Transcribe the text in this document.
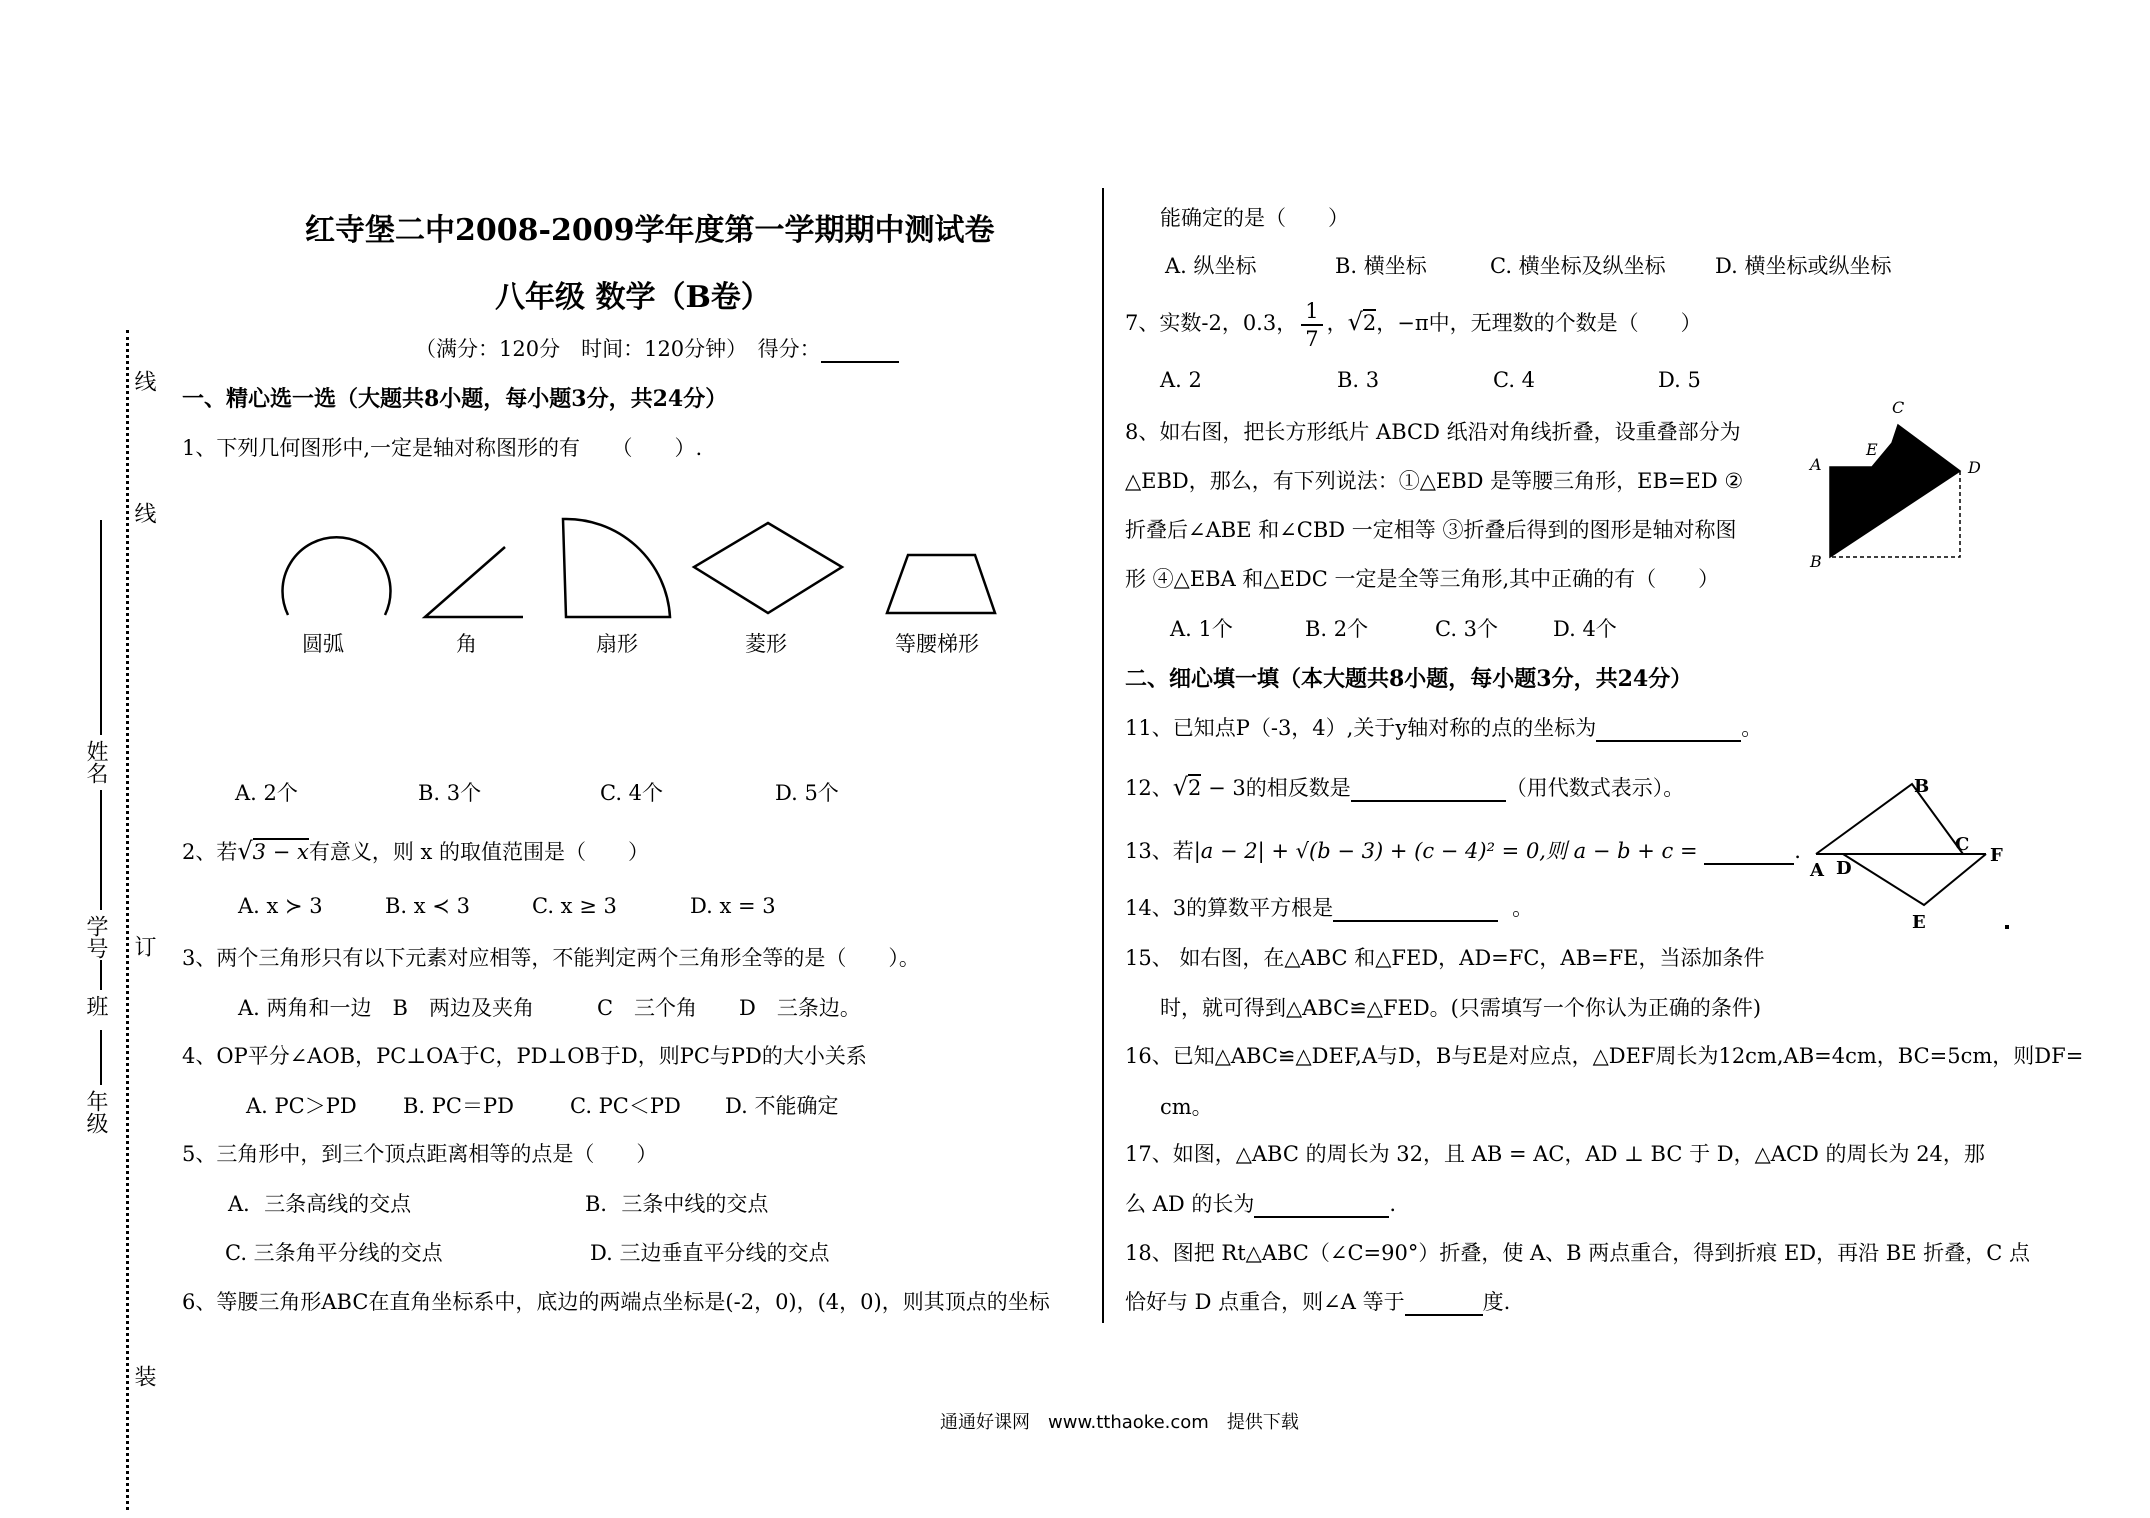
线
线
订
装
姓名
学号
班
年级
红寺堡二中2008-2009学年度第一学期期中测试卷
八年级 数学（B卷）
（满分：120分　时间：120分钟）　得分：
一、精心选一选（大题共8小题，每小题3分，共24分）
1、下列几何图形中,一定是轴对称图形的有　　（　　）.
圆弧	角	扇形	菱形	等腰梯形
A. 2个	B. 3个	C. 4个	D. 5个
2、若√3 − x有意义，则 x 的取值范围是（　　）
A. x ≻ 3	B. x ≺ 3	C. x ≥ 3	D. x = 3
3、两个三角形只有以下元素对应相等，不能判定两个三角形全等的是（　　）。
A. 两角和一边　B　两边及夹角　　　C　三个角　　D　三条边。
4、OP平分∠AOB，PC⊥OA于C，PD⊥OB于D，则PC与PD的大小关系
A. PC＞PD B. PC＝PD	C. PC＜PD D. 不能确定
5、三角形中，到三个顶点距离相等的点是（　　）
A．三条高线的交点	B．三条中线的交点
C. 三条角平分线的交点	D. 三边垂直平分线的交点
6、等腰三角形ABC在直角坐标系中，底边的两端点坐标是(-2，0)，(4，0)，则其顶点的坐标
能确定的是（　　）
A. 纵坐标	B. 横坐标	C. 横坐标及纵坐标 D. 横坐标或纵坐标
7、实数-2，0.3， $\frac{1}{7}$ ，√2，−π中，无理数的个数是（　　）
A. 2	B. 3	C. 4	D. 5
8、如右图，把长方形纸片 ABCD 纸沿对角线折叠，设重叠部分为
△EBD，那么，有下列说法：①△EBD 是等腰三角形，EB=ED ②
折叠后∠ABE 和∠CBD 一定相等 ③折叠后得到的图形是轴对称图
形 ④△EBA 和△EDC 一定是全等三角形,其中正确的有（　　）
A. 1个	B. 2个	C. 3个	D. 4个
A
B
C
D
E
二、细心填一填（本大题共8小题，每小题3分，共24分）
11、已知点P（-3，4）,关于y轴对称的点的坐标为	。
12、√2 − 3的相反数是	（用代数式表示）。
13、若|a − 2| + √(b − 3) + (c − 4)² = 0,则 a − b + c =	.
14、3的算数平方根是	。
15、 如右图，在△ABC 和△FED，AD=FC，AB=FE，当添加条件
时，就可得到△ABC≌△FED。(只需填写一个你认为正确的条件)
A
B
C
D
E
F
16、已知△ABC≌△DEF,A与D，B与E是对应点，△DEF周长为12cm,AB=4cm，BC=5cm，则DF=
cm。
17、如图，△ABC 的周长为 32，且 AB = AC，AD ⊥ BC 于 D，△ACD 的周长为 24，那
么 AD 的长为	.
18、图把 Rt△ABC（∠C=90°）折叠，使 A、B 两点重合，得到折痕 ED，再沿 BE 折叠，C 点
恰好与 D 点重合，则∠A 等于	度.
通通好课网　www.tthaoke.com　提供下载
